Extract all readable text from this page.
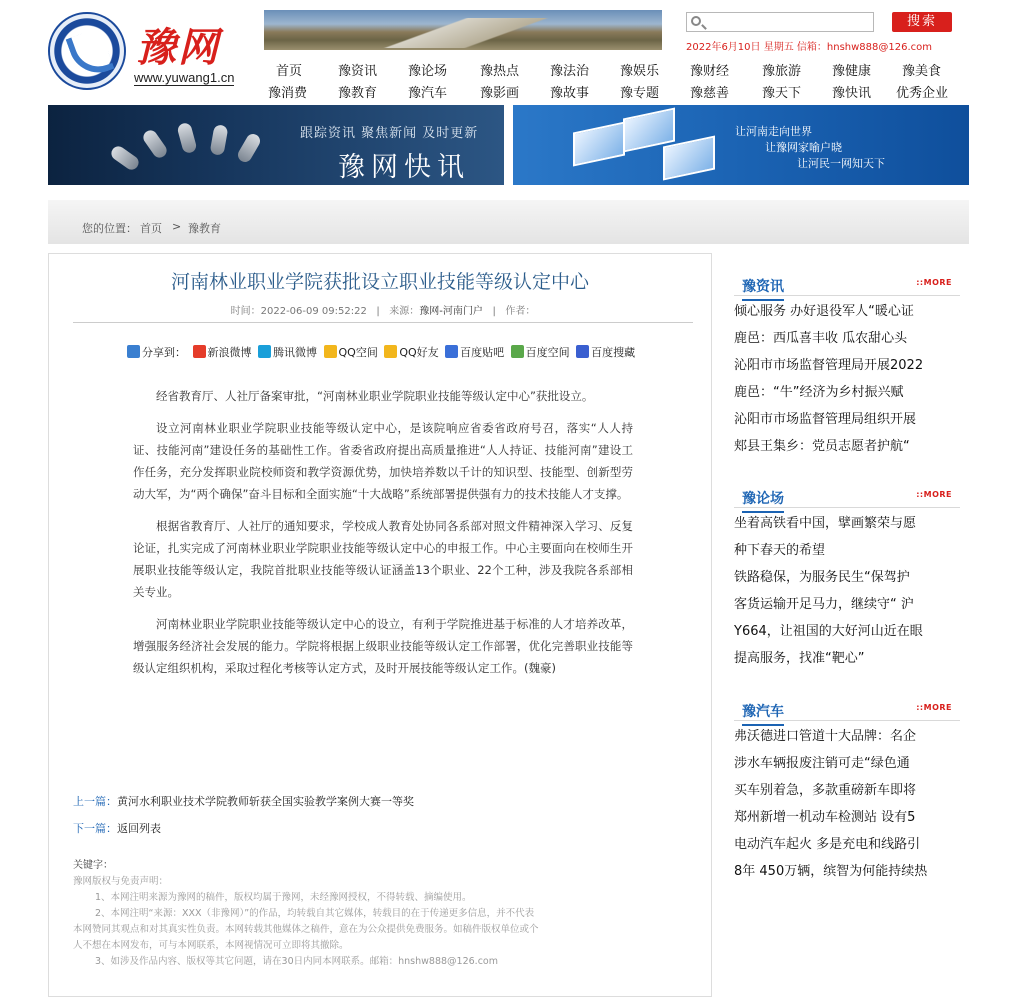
豫网
www.yuwang1.cn
搜索
2022年6月10日 星期五 信箱：hnshw888@126.com
首页	豫资讯 豫论场	豫热点 豫法治 豫娱乐 豫财经	豫旅游 豫健康 豫美食
豫消费 豫教育 豫汽车	豫影画 豫故事 豫专题 豫慈善	豫天下 豫快讯 优秀企业
跟踪资讯 聚焦新闻 及时更新
豫网快讯
让河南走向世界
让豫网家喻户晓
让河民一网知天下
您的位置： 首页 > 豫教育
河南林业职业学院获批设立职业技能等级认定中心
时间：2022-06-09 09:52:22   |   来源：豫网-河南门户   |   作者：
分享到： 新浪微博 腾讯微博 QQ空间 QQ好友 百度贴吧 百度空间 百度搜藏

经省教育厅、人社厅备案审批，“河南林业职业学院职业技能等级认定中心”获批设立。

设立河南林业职业学院职业技能等级认定中心，是该院响应省委省政府号召，落实“人人持证、技能河南”建设任务的基础性工作。省委省政府提出高质量推进“人人持证、技能河南”建设工作任务，充分发挥职业院校师资和教学资源优势，加快培养数以千计的知识型、技能型、创新型劳动大军，为“两个确保”奋斗目标和全面实施“十大战略”系统部署提供强有力的技术技能人才支撑。

根据省教育厅、人社厅的通知要求，学校成人教育处协同各系部对照文件精神深入学习、反复论证，扎实完成了河南林业职业学院职业技能等级认定中心的申报工作。中心主要面向在校师生开展职业技能等级认定，我院首批职业技能等级认证涵盖13个职业、22个工种，涉及我院各系部相关专业。

河南林业职业学院职业技能等级认定中心的设立，有利于学院推进基于标准的人才培养改革，增强服务经济社会发展的能力。学院将根据上级职业技能等级认定工作部署，优化完善职业技能等级认定组织机构，采取过程化考核等认定方式，及时开展技能等级认定工作。(魏豪)

上一篇：黄河水利职业技术学院教师斩获全国实验教学案例大赛一等奖
下一篇：返回列表
关键字：
豫网版权与免责声明：
1、本网注明来源为豫网的稿件，版权均属于豫网，未经豫网授权，不得转载、摘编使用。
2、本网注明“来源：XXX（非豫网）”的作品，均转载自其它媒体，转载目的在于传递更多信息，并不代表
本网赞同其观点和对其真实性负责。本网转载其他媒体之稿件，意在为公众提供免费服务。如稿件版权单位或个
人不想在本网发布，可与本网联系，本网视情况可立即将其撤除。
3、如涉及作品内容、版权等其它问题，请在30日内同本网联系。邮箱：hnshw888@126.com
豫资讯	::MORE
倾心服务 办好退役军人“暖心证
鹿邑：西瓜喜丰收 瓜农甜心头
沁阳市市场监督管理局开展2022
鹿邑：“牛”经济为乡村振兴赋
沁阳市市场监督管理局组织开展
郏县王集乡：党员志愿者护航“
豫论场	::MORE
坐着高铁看中国，擘画繁荣与愿
种下春天的希望
铁路稳保，为服务民生“保驾护
客货运输开足马力，继续守“ 沪
Y664，让祖国的大好河山近在眼
提高服务，找准“靶心”
豫汽车	::MORE
弗沃德进口管道十大品牌：名企
涉水车辆报废注销可走“绿色通
买车别着急，多款重磅新车即将
郑州新增一机动车检测站 设有5
电动汽车起火 多是充电和线路引
8年 450万辆，缤智为何能持续热
